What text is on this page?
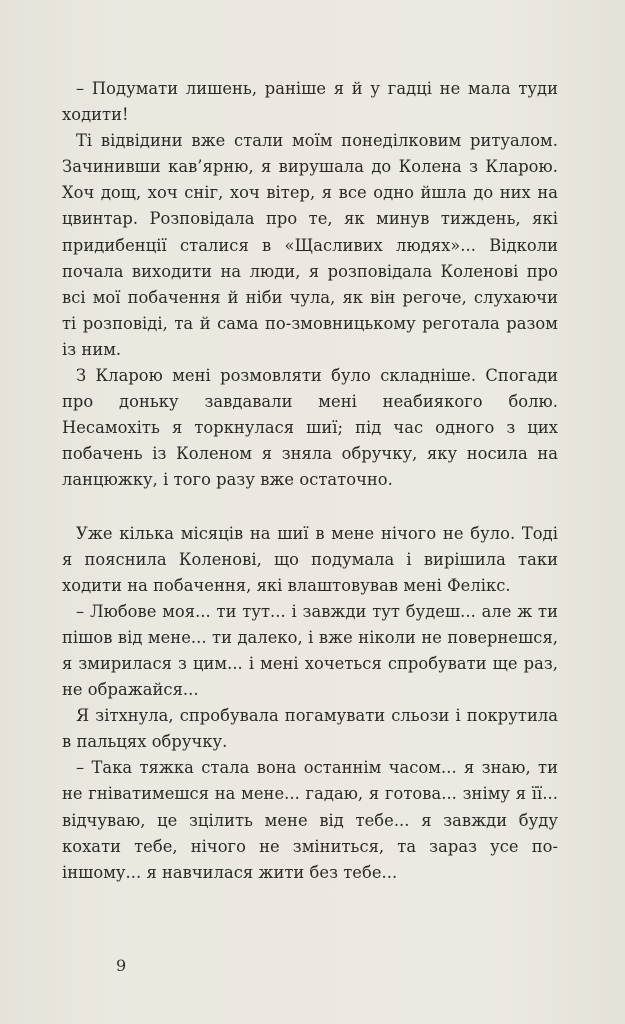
– Подумати лишень, раніше я й у гадці не мала туди ходити!

Ті відвідини вже стали моїм понеділковим ритуалом. Зачинивши кав’ярню, я вирушала до Колена з Кларою. Хоч дощ, хоч сніг, хоч вітер, я все одно йшла до них на цвинтар. Розповідала про те, як минув тиждень, які придибенції сталися в «Щасливих людях»... Відколи почала виходити на люди, я розповідала Коленові про всі мої побачення й ніби чула, як він регоче, слухаючи ті розповіді, та й сама по-змовницькому реготала разом із ним.

З Кларою мені розмовляти було складніше. Спогади про доньку завдавали мені неабиякого болю. Несамохіть я торкнулася шиї; під час одного з цих побачень із Коленом я зняла обручку, яку носила на ланцюжку, і того разу вже остаточно.

Уже кілька місяців на шиї в мене нічого не було. Тоді я пояснила Коленові, що подумала і вирішила таки ходити на побачення, які влаштовував мені Фелікс.

– Любове моя... ти тут... і завжди тут будеш... але ж ти пішов від мене... ти далеко, і вже ніколи не повернешся, я змирилася з цим... і мені хочеться спробувати ще раз, не ображайся...

Я зітхнула, спробувала погамувати сльози і покрутила в пальцях обручку.

– Така тяжка стала вона останнім часом... я знаю, ти не гніватимешся на мене... гадаю, я готова... зніму я її... відчуваю, це зцілить мене від тебе... я завжди буду кохати тебе, нічого не зміниться, та зараз усе по-іншому... я навчилася жити без тебе...

9
